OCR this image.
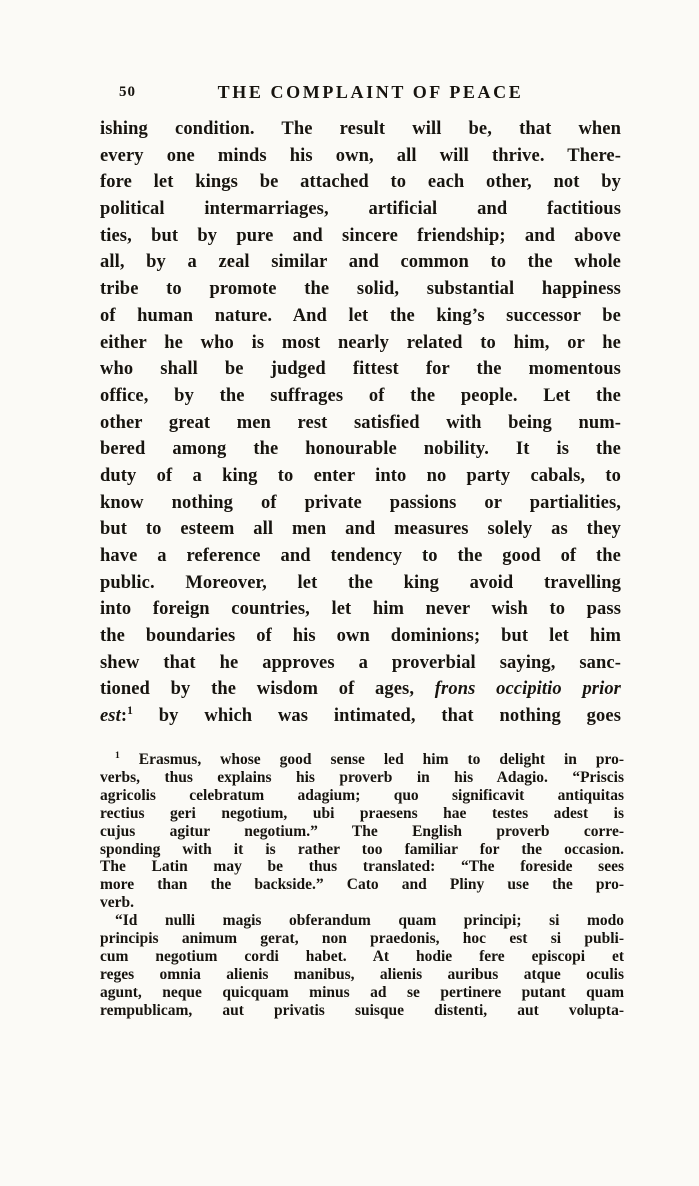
50	THE COMPLAINT OF PEACE
ishing condition. The result will be, that when
every one minds his own, all will thrive. There-
fore let kings be attached to each other, not by
political intermarriages, artificial and factitious
ties, but by pure and sincere friendship; and above
all, by a zeal similar and common to the whole
tribe to promote the solid, substantial happiness
of human nature. And let the king’s successor be
either he who is most nearly related to him, or he
who shall be judged fittest for the momentous
office, by the suffrages of the people. Let the
other great men rest satisfied with being num-
bered among the honourable nobility. It is the
duty of a king to enter into no party cabals, to
know nothing of private passions or partialities,
but to esteem all men and measures solely as they
have a reference and tendency to the good of the
public. Moreover, let the king avoid travelling
into foreign countries, let him never wish to pass
the boundaries of his own dominions; but let him
shew that he approves a proverbial saying, sanc-
tioned by the wisdom of ages, frons occipitio prior
est:$^1$ by which was intimated, that nothing goes
$^1$ Erasmus, whose good sense led him to delight in pro-
verbs, thus explains his proverb in his Adagio. “Priscis
agricolis celebratum adagium; quo significavit antiquitas
rectius geri negotium, ubi praesens hae testes adest is
cujus agitur negotium.” The English proverb corre-
sponding with it is rather too familiar for the occasion.
The Latin may be thus translated: “The foreside sees
more than the backside.” Cato and Pliny use the pro-
verb.
“Id nulli magis obferandum quam principi; si modo
principis animum gerat, non praedonis, hoc est si publi-
cum negotium cordi habet. At hodie fere episcopi et
reges omnia alienis manibus, alienis auribus atque oculis
agunt, neque quicquam minus ad se pertinere putant quam
rempublicam, aut privatis suisque distenti, aut volupta-
